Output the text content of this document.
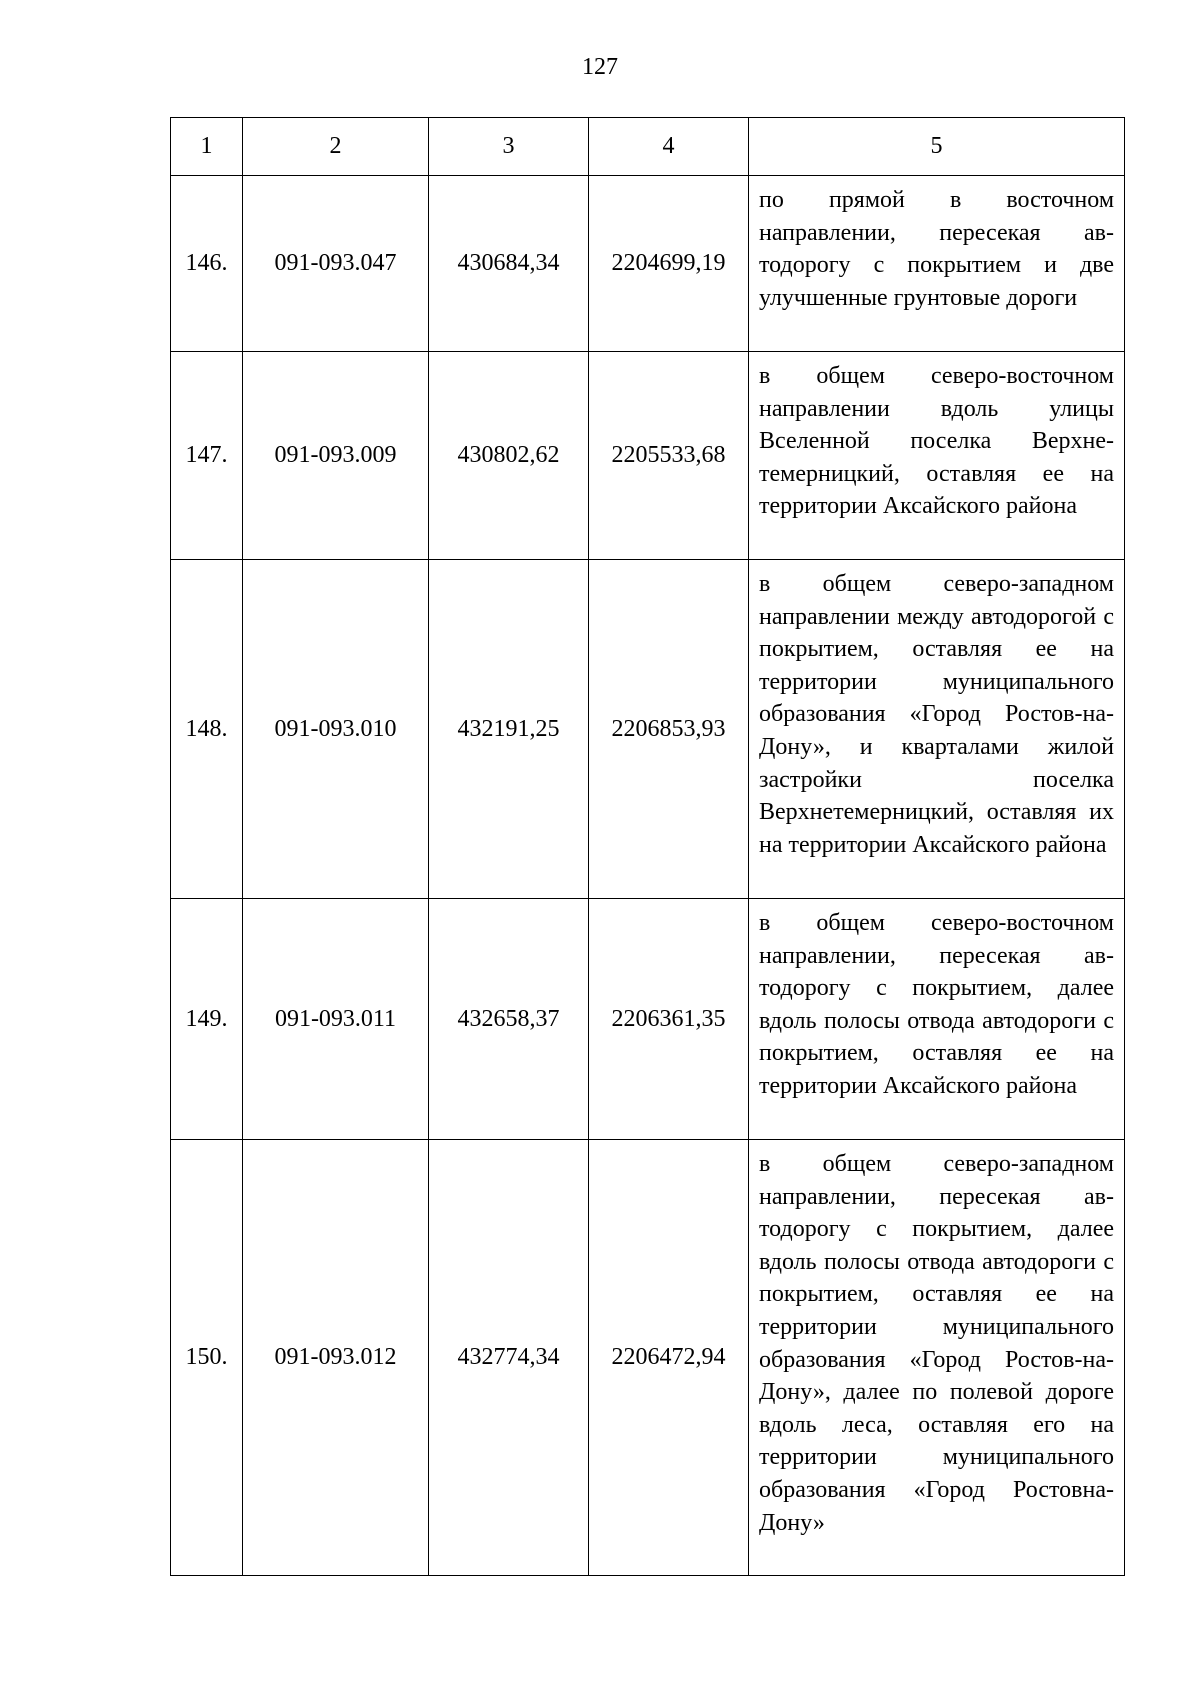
127
1	2	3	4	5
146.	091-093.047	430684,34	2204699,19	по прямой в восточном направлении, пересекая автодорогу с покрытием и две улучшенные грунтовые дороги
147.	091-093.009	430802,62	2205533,68	в общем северо-восточном направлении вдоль улицы Вселенной поселка Верхнетемерницкий, оставляя ее на территории Аксайского района
148.	091-093.010	432191,25	2206853,93	в общем северо-западном направлении между автодорогой с покрытием, оставляя ее на территории муниципального образования «Город Ростов-на-Дону», и кварталами жилой застройки поселка Верхнетемерницкий, оставляя их на территории Аксайского района
149.	091-093.011	432658,37	2206361,35	в общем северо-восточном направлении, пересекая автодорогу с покрытием, далее вдоль полосы отвода автодороги с покрытием, оставляя ее на территории Аксайского района
150.	091-093.012	432774,34	2206472,94	в общем северо-западном направлении, пересекая автодорогу с покрытием, далее вдоль полосы отвода автодороги с покрытием, оставляя ее на территории муниципального образования «Город Ростов-на-Дону», далее по полевой дороге вдоль леса, оставляя его на территории муниципального образования «Город Ростовна-Дону»
